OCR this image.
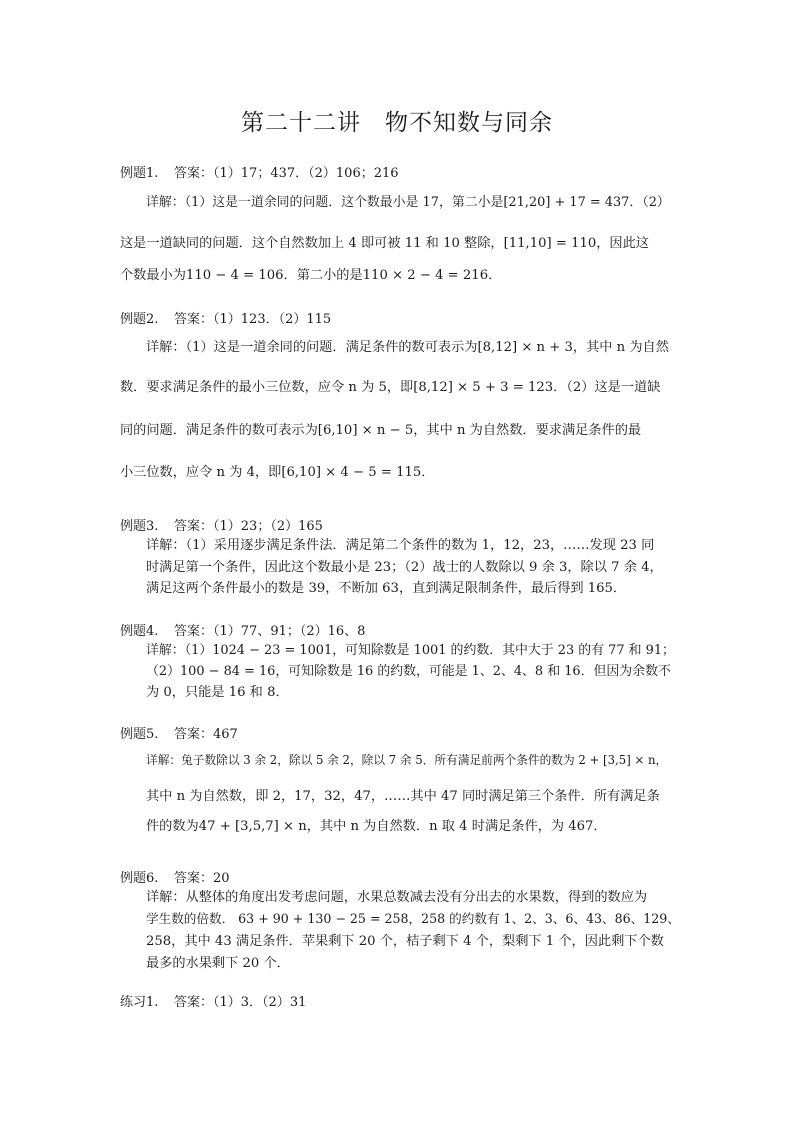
第二十二讲　物不知数与同余
例题1. 答案：（1）17；437．（2）106；216
详解：（1）这是一道余同的问题．这个数最小是 17，第二小是[21,20] + 17 = 437．（2）
这是一道缺同的问题．这个自然数加上 4 即可被 11 和 10 整除，[11,10] = 110，因此这
个数最小为110 − 4 = 106．第二小的是110 × 2 − 4 = 216．
例题2. 答案：（1）123．（2）115
详解：（1）这是一道余同的问题．满足条件的数可表示为[8,12] × n + 3，其中 n 为自然
数．要求满足条件的最小三位数，应令 n 为 5，即[8,12] × 5 + 3 = 123．（2）这是一道缺
同的问题．满足条件的数可表示为[6,10] × n − 5，其中 n 为自然数．要求满足条件的最
小三位数，应令 n 为 4，即[6,10] × 4 − 5 = 115．
例题3. 答案：（1）23；（2）165
详解：（1）采用逐步满足条件法．满足第二个条件的数为 1，12，23，……发现 23 同
时满足第一个条件，因此这个数最小是 23；（2）战士的人数除以 9 余 3，除以 7 余 4，
满足这两个条件最小的数是 39，不断加 63，直到满足限制条件，最后得到 165．
例题4. 答案：（1）77、91；（2）16、8
详解：（1）1024 − 23 = 1001，可知除数是 1001 的约数．其中大于 23 的有 77 和 91；
（2）100 − 84 = 16，可知除数是 16 的约数，可能是 1、2、4、8 和 16．但因为余数不
为 0，只能是 16 和 8．
例题5. 答案：467
详解：兔子数除以 3 余 2，除以 5 余 2，除以 7 余 5．所有满足前两个条件的数为 2 + [3,5] × n，
其中 n 为自然数，即 2，17，32，47，……其中 47 同时满足第三个条件．所有满足条
件的数为47 + [3,5,7] × n，其中 n 为自然数．n 取 4 时满足条件，为 467．
例题6. 答案：20
详解：从整体的角度出发考虑问题，水果总数减去没有分出去的水果数，得到的数应为
学生数的倍数． 63 + 90 + 130 − 25 = 258，258 的约数有 1、2、3、6、43、86、129、
258，其中 43 满足条件．苹果剩下 20 个，桔子剩下 4 个，梨剩下 1 个，因此剩下个数
最多的水果剩下 20 个．
练习1. 答案：（1）3．（2）31
